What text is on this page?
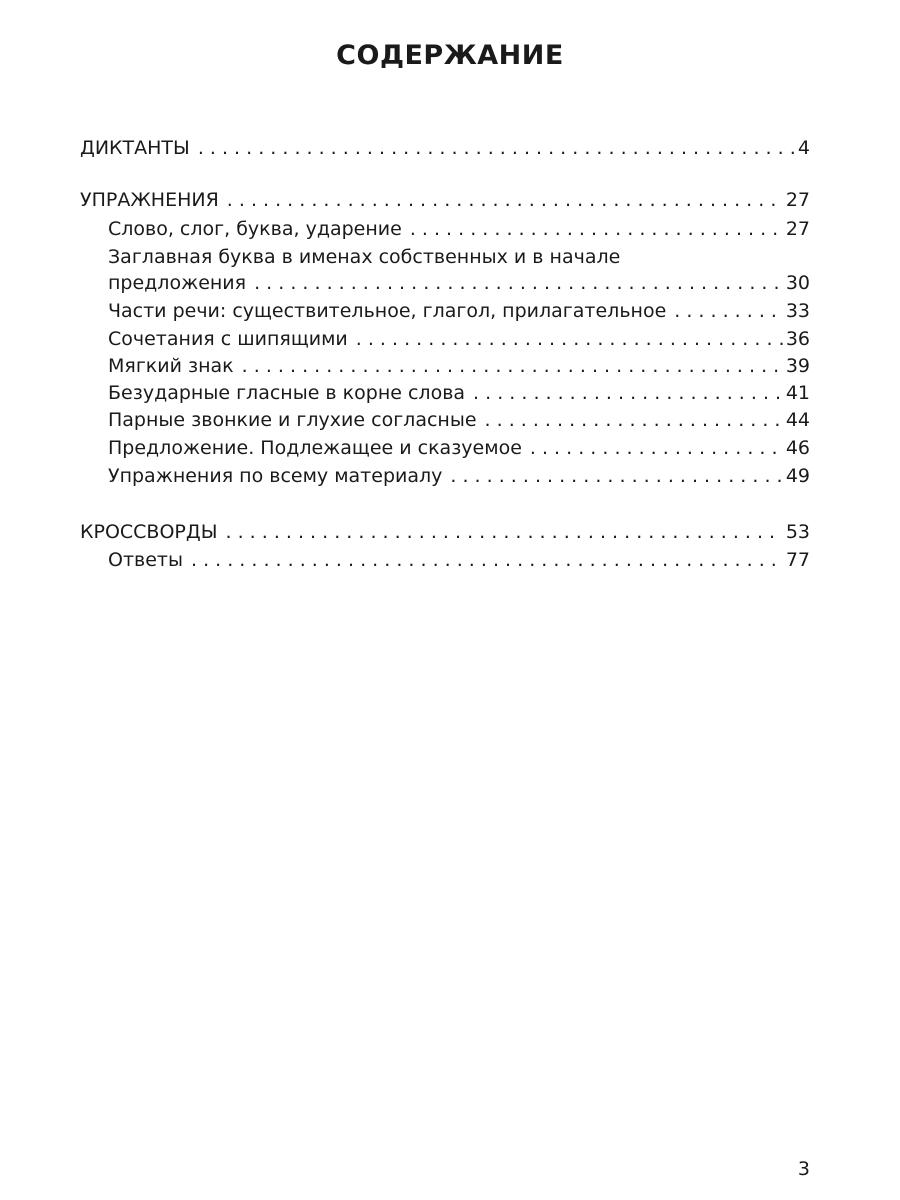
СОДЕРЖАНИЕ
ДИКТАНТЫ . . .	4
УПРАЖНЕНИЯ . . .	27
Слово, слог, буква, ударение . . .	27
Заглавная буква в именах собственных и в начале
предложения . . .	30
Части речи: существительное, глагол, прилагательное . . .	33
Сочетания с шипящими . . .	36
Мягкий знак . . .	39
Безударные гласные в корне слова . . .	41
Парные звонкие и глухие согласные . . .	44
Предложение. Подлежащее и сказуемое . . .	46
Упражнения по всему материалу . . .	49
КРОССВОРДЫ . . .	53
Ответы . . .	77
3
